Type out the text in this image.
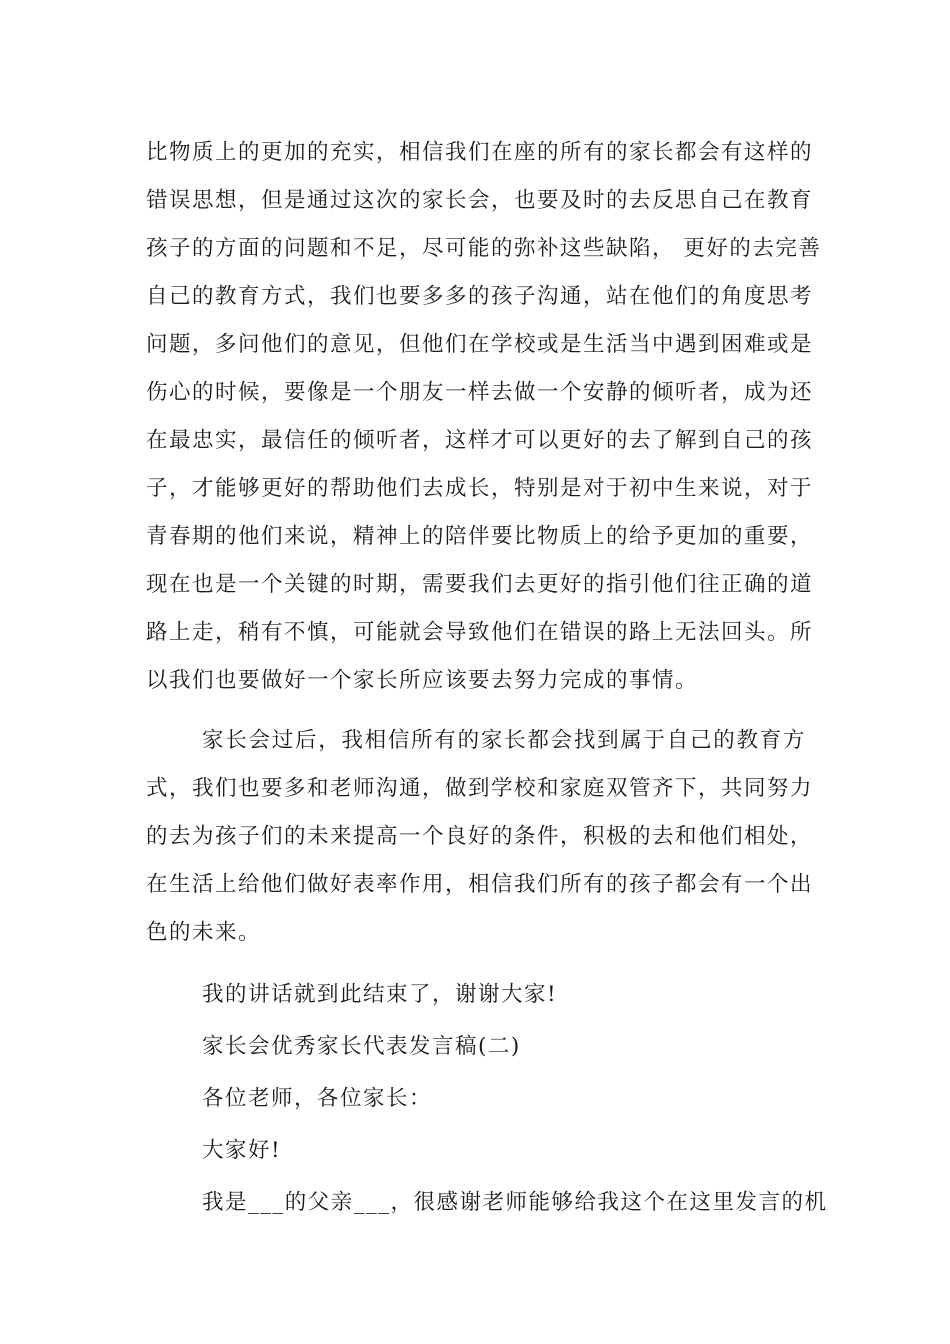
比物质上的更加的充实，相信我们在座的所有的家长都会有这样的
错误思想，但是通过这次的家长会，也要及时的去反思自己在教育
孩子的方面的问题和不足，尽可能的弥补这些缺陷， 更好的去完善
自己的教育方式，我们也要多多的孩子沟通，站在他们的角度思考
问题，多问他们的意见，但他们在学校或是生活当中遇到困难或是
伤心的时候，要像是一个朋友一样去做一个安静的倾听者，成为还
在最忠实，最信任的倾听者，这样才可以更好的去了解到自己的孩
子，才能够更好的帮助他们去成长，特别是对于初中生来说，对于
青春期的他们来说，精神上的陪伴要比物质上的给予更加的重要，
现在也是一个关键的时期，需要我们去更好的指引他们往正确的道
路上走，稍有不慎，可能就会导致他们在错误的路上无法回头。所
以我们也要做好一个家长所应该要去努力完成的事情。
家长会过后，我相信所有的家长都会找到属于自己的教育方
式，我们也要多和老师沟通，做到学校和家庭双管齐下，共同努力
的去为孩子们的未来提高一个良好的条件，积极的去和他们相处，
在生活上给他们做好表率作用，相信我们所有的孩子都会有一个出
色的未来。
我的讲话就到此结束了，谢谢大家!
家长会优秀家长代表发言稿(二)
各位老师，各位家长：
大家好!
我是___的父亲___，很感谢老师能够给我这个在这里发言的机
